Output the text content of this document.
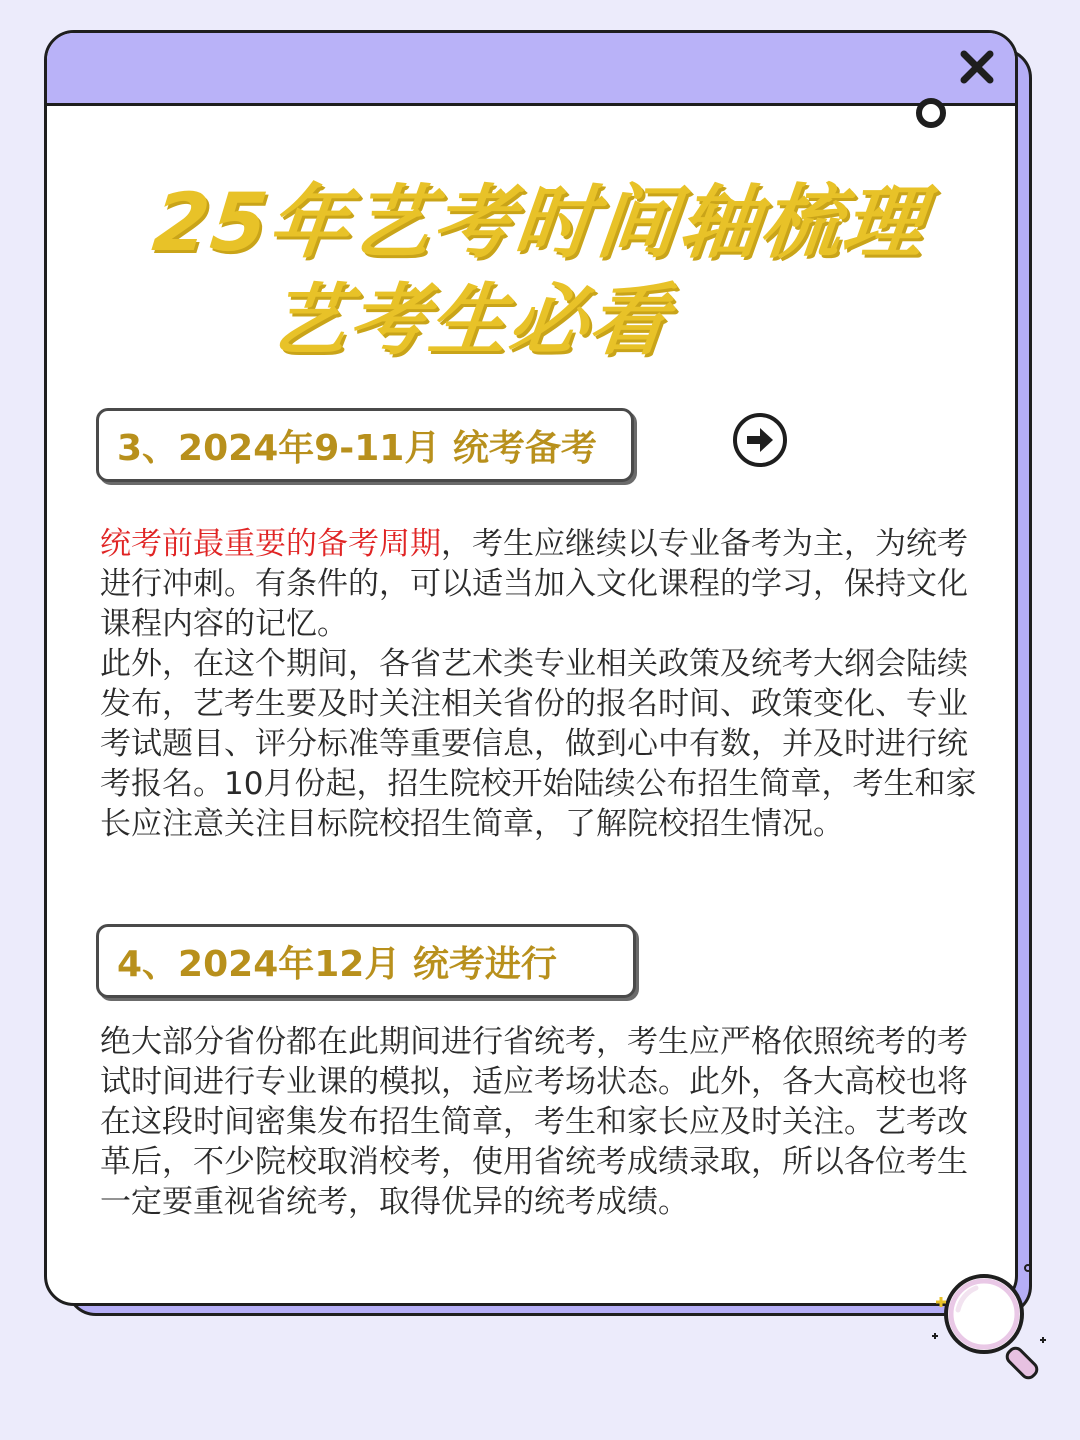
25年艺考时间轴梳理
艺考生必看
3、2024年9-11月 统考备考

统考前最重要的备考周期，考生应继续以专业备考为主，为统考进行冲刺。有条件的，可以适当加入文化课程的学习，保持文化课程内容的记忆。

此外，在这个期间，各省艺术类专业相关政策及统考大纲会陆续发布，艺考生要及时关注相关省份的报名时间、政策变化、专业考试题目、评分标准等重要信息，做到心中有数，并及时进行统考报名。10月份起，招生院校开始陆续公布招生简章，考生和家长应注意关注目标院校招生简章，了解院校招生情况。

4、2024年12月 统考进行

绝大部分省份都在此期间进行省统考，考生应严格依照统考的考试时间进行专业课的模拟，适应考场状态。此外，各大高校也将在这段时间密集发布招生简章，考生和家长应及时关注。艺考改革后，不少院校取消校考，使用省统考成绩录取，所以各位考生一定要重视省统考，取得优异的统考成绩。
